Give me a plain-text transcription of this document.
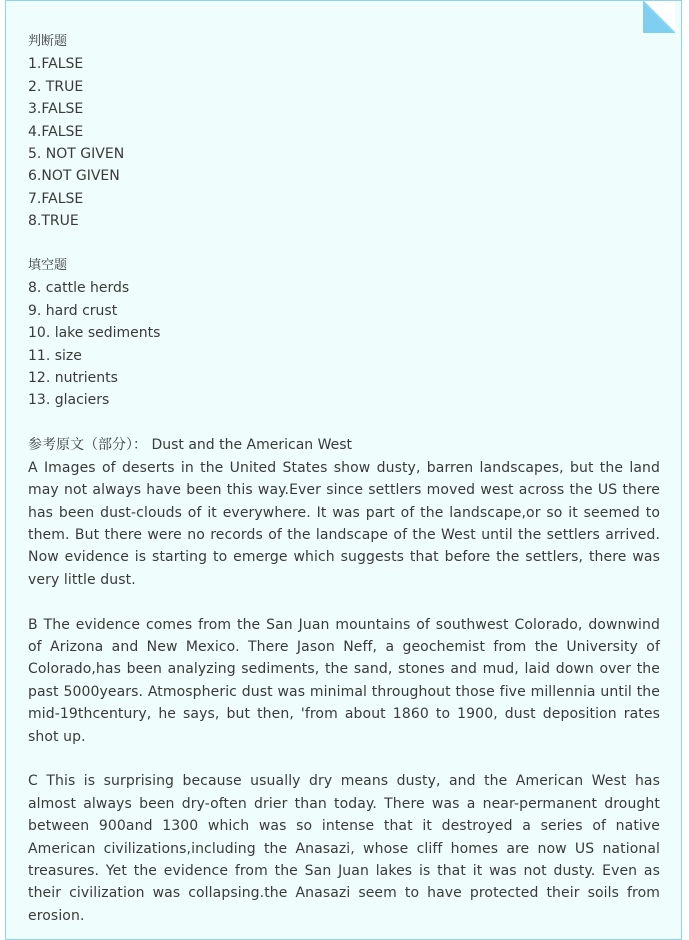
判断题
1.FALSE
2. TRUE
3.FALSE
4.FALSE
5. NOT GIVEN
6.NOT GIVEN
7.FALSE
8.TRUE
填空题
8. cattle herds
9. hard crust
10. lake sediments
11. size
12. nutrients
13. glaciers
参考原文（部分）： Dust and the American West
A Images of deserts in the United States show dusty, barren landscapes, but the land may not always have been this way.Ever since settlers moved west across the US there has been dust-clouds of it everywhere. It was part of the landscape,or so it seemed to them. But there were no records of the landscape of the West until the settlers arrived. Now evidence is starting to emerge which suggests that before the settlers, there was very little dust.
B The evidence comes from the San Juan mountains of southwest Colorado, downwind of Arizona and New Mexico. There Jason Neff, a geochemist from the University of Colorado,has been analyzing sediments, the sand, stones and mud, laid down over the past 5000years. Atmospheric dust was minimal throughout those five millennia until the mid-19thcentury, he says, but then, 'from about 1860 to 1900, dust deposition rates shot up.
C This is surprising because usually dry means dusty, and the American West has almost always been dry-often drier than today. There was a near-permanent drought between 900and 1300 which was so intense that it destroyed a series of native American civilizations,including the Anasazi, whose cliff homes are now US national treasures. Yet the evidence from the San Juan lakes is that it was not dusty. Even as their civilization was collapsing.the Anasazi seem to have protected their soils from erosion.
